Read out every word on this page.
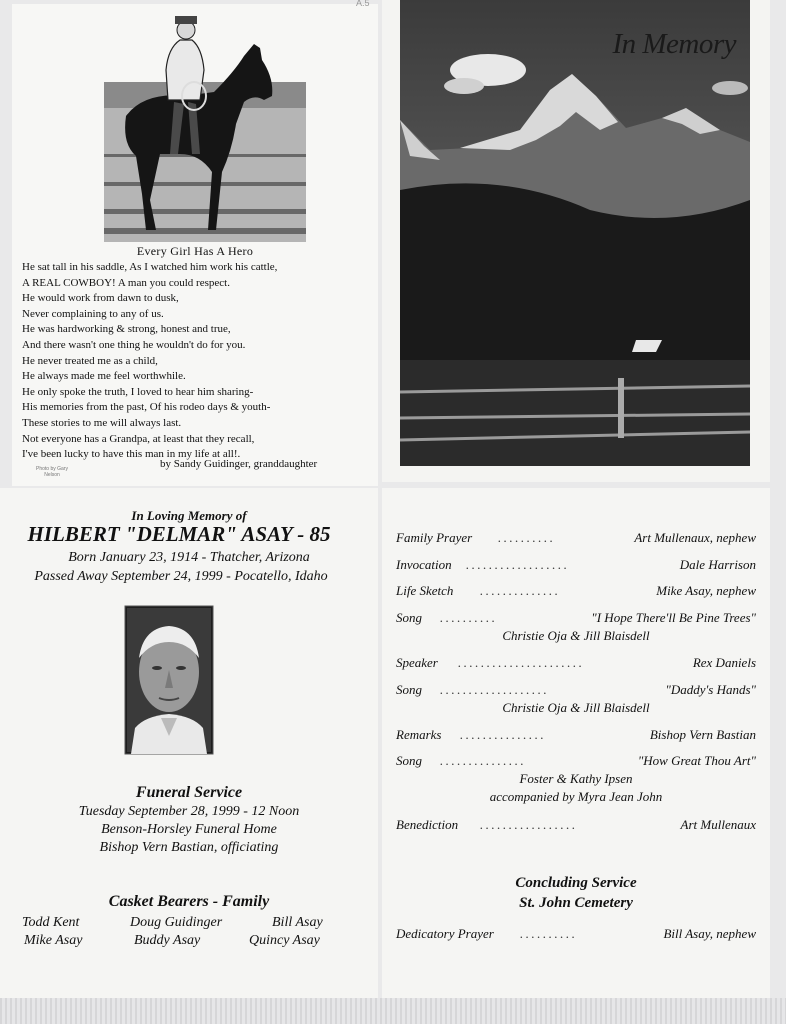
Every Girl Has A Hero
He sat tall in his saddle, As I watched him work his cattle,
A REAL COWBOY! A man you could respect.
He would work from dawn to dusk,
Never complaining to any of us.
He was hardworking & strong, honest and true,
And there wasn't one thing he wouldn't do for you.
He never treated me as a child,
He always made me feel worthwhile.
He only spoke the truth, I loved to hear him sharing-
His memories from the past, Of his rodeo days & youth-
These stories to me will always last.
Not everyone has a Grandpa, at least that they recall,
I've been lucky to have this man in my life at all!.
by Sandy Guidinger, granddaughter
Photo by Gary Nelson
A.5
In Memory
In Loving Memory of
HILBERT "DELMAR" ASAY - 85
Born January 23, 1914 - Thatcher, Arizona
Passed Away September 24, 1999 - Pocatello, Idaho
Funeral Service
Tuesday September 28, 1999 - 12 Noon
Benson-Horsley Funeral Home
Bishop Vern Bastian, officiating
Casket Bearers - Family
Todd Kent	Doug Guidinger	Bill Asay
Mike Asay	Buddy Asay	Quincy Asay
Family Prayer ..........	Art Mullenaux, nephew
Invocation ..................	Dale Harrison
Life Sketch ..............	Mike Asay, nephew
Song ..........	"I Hope There'll Be Pine Trees"
Christie Oja & Jill Blaisdell
Speaker ......................	Rex Daniels
Song ...................	"Daddy's Hands"
Christie Oja & Jill Blaisdell
Remarks ...............	Bishop Vern Bastian
Song ...............	"How Great Thou Art"
Foster & Kathy Ipsen
accompanied by Myra Jean John
Benediction .................	Art Mullenaux
Concluding Service
St. John Cemetery
Dedicatory Prayer ..........	Bill Asay, nephew
